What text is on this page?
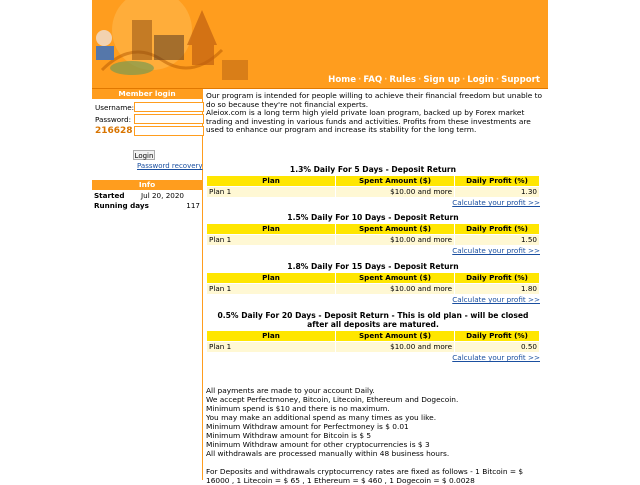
Home · FAQ · Rules · Sign up · Login · Support
Member login
Username:
Password:
216628
Login
Password recovery
Info
Started Jul 20, 2020
Running days	117

Our program is intended for people willing to achieve their financial freedom but unable to do so because they're not financial experts.

Aleiox.com is a long term high yield private loan program, backed up by Forex market trading and investing in various funds and activities. Profits from these investments are used to enhance our program and increase its stability for the long term.

1.3% Daily For 5 Days - Deposit Return
Plan	Spent Amount ($)	Daily Profit (%)
Plan 1	$10.00 and more	1.30
Calculate your profit >>
1.5% Daily For 10 Days - Deposit Return
Plan	Spent Amount ($)	Daily Profit (%)
Plan 1	$10.00 and more	1.50
Calculate your profit >>
1.8% Daily For 15 Days - Deposit Return
Plan	Spent Amount ($)	Daily Profit (%)
Plan 1	$10.00 and more	1.80
Calculate your profit >>
0.5% Daily For 20 Days - Deposit Return - This is old plan - will be closed after all deposits are matured.
Plan	Spent Amount ($)	Daily Profit (%)
Plan 1	$10.00 and more	0.50
Calculate your profit >>

All payments are made to your account Daily.

We accept Perfectmoney, Bitcoin, Litecoin, Ethereum and Dogecoin.

Minimum spend is $10 and there is no maximum.

You may make an additional spend as many times as you like.

Minimum Withdraw amount for Perfectmoney is $ 0.01

Minimum Withdraw amount for Bitcoin is $ 5

Minimum Withdraw amount for other cryptocurrencies is $ 3

All withdrawals are processed manually within 48 business hours.

For Deposits and withdrawals cryptocurrency rates are fixed as follows - 1 Bitcoin = $ 16000 , 1 Litecoin = $ 65 , 1 Ethereum = $ 460 , 1 Dogecoin = $ 0.0028
